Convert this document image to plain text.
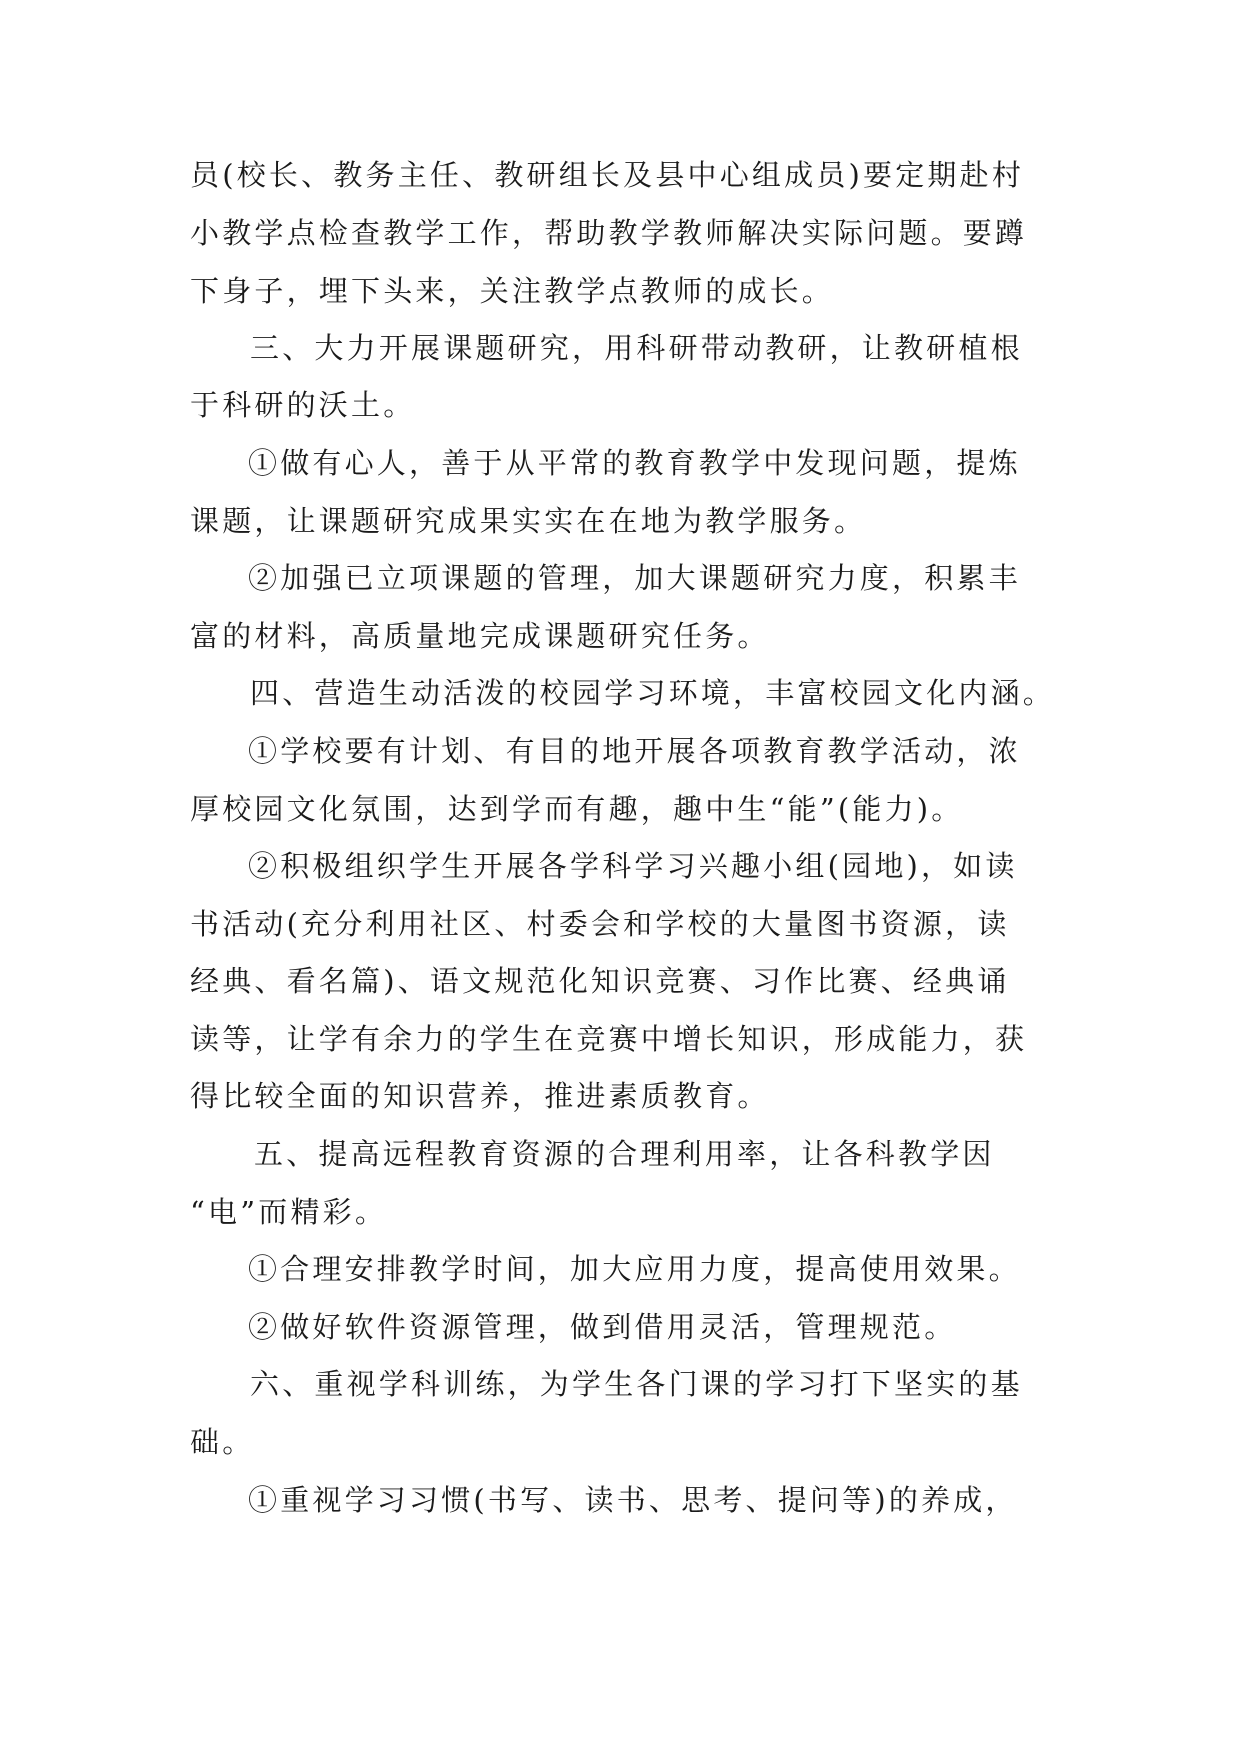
员(校长、教务主任、教研组长及县中心组成员)要定期赴村
小教学点检查教学工作，帮助教学教师解决实际问题。要蹲
下身子，埋下头来，关注教学点教师的成长。
三、大力开展课题研究，用科研带动教研，让教研植根
于科研的沃土。
①做有心人，善于从平常的教育教学中发现问题，提炼
课题，让课题研究成果实实在在地为教学服务。
②加强已立项课题的管理，加大课题研究力度，积累丰
富的材料，高质量地完成课题研究任务。
四、营造生动活泼的校园学习环境，丰富校园文化内涵。
①学校要有计划、有目的地开展各项教育教学活动，浓
厚校园文化氛围，达到学而有趣，趣中生“能”(能力)。
②积极组织学生开展各学科学习兴趣小组(园地)，如读
书活动(充分利用社区、村委会和学校的大量图书资源，读
经典、看名篇)、语文规范化知识竞赛、习作比赛、经典诵
读等，让学有余力的学生在竞赛中增长知识，形成能力，获
得比较全面的知识营养，推进素质教育。
五、提高远程教育资源的合理利用率，让各科教学因
“电”而精彩。
①合理安排教学时间，加大应用力度，提高使用效果。
②做好软件资源管理，做到借用灵活，管理规范。
六、重视学科训练，为学生各门课的学习打下坚实的基
础。
①重视学习习惯(书写、读书、思考、提问等)的养成，
